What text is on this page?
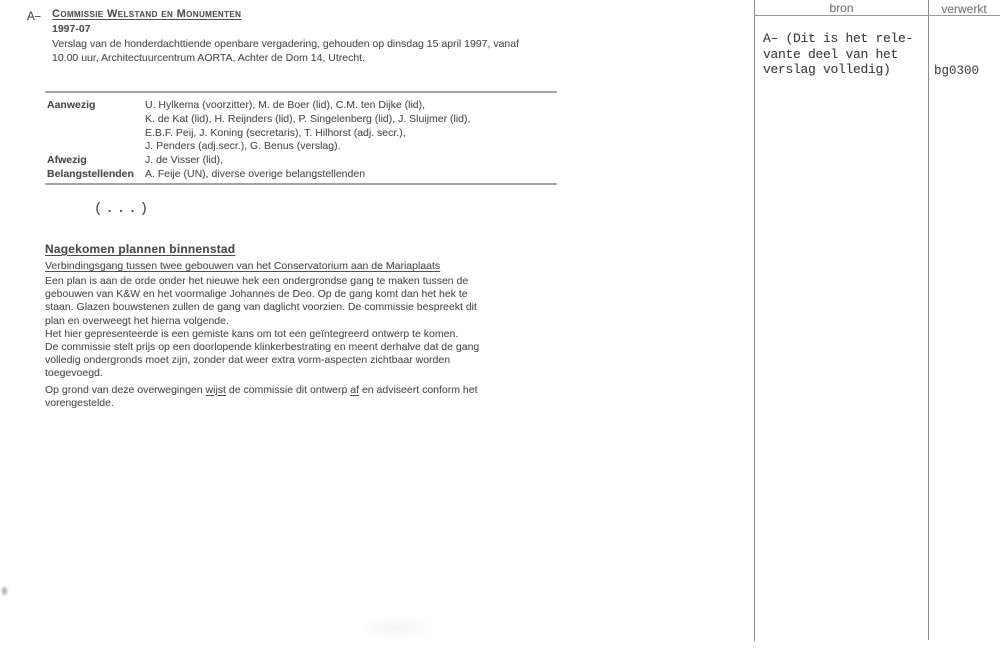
A– Commissie Welstand en Monumenten
1997-07
Verslag van de honderdachttiende openbare vergadering, gehouden op dinsdag 15 april 1997, vanaf
10.00 uur, Architectuurcentrum AORTA, Achter de Dom 14, Utrecht.
Aanwezig	U. Hylkema (voorzitter), M. de Boer (lid), C.M. ten Dijke (lid),
K. de Kat (lid), H. Reijnders (lid), P. Singelenberg (lid), J. Sluijmer (lid),
E.B.F. Peij, J. Koning (secretaris), T. Hilhorst (adj. secr.),
J. Penders (adj.secr.), G. Benus (verslag).
Afwezig	J. de Visser (lid),
Belangstellenden	A. Feije (UN), diverse overige belangstellenden
(...)
Nagekomen plannen binnenstad
Verbindingsgang tussen twee gebouwen van het Conservatorium aan de Mariaplaats
Een plan is aan de orde onder het nieuwe hek een ondergrondse gang te maken tussen de
gebouwen van K&W en het voormalige Johannes de Deo. Op de gang komt dan het hek te
staan. Glazen bouwstenen zullen de gang van daglicht voorzien. De commissie bespreekt dit
plan en overweegt het hierna volgende.
Het hier gepresenteerde is een gemiste kans om tot een geïntegreerd ontwerp te komen.
De commissie stelt prijs op een doorlopende klinkerbestrating en meent derhalve dat de gang
volledig ondergronds moet zijn, zonder dat weer extra vorm-aspecten zichtbaar worden
toegevoegd.
Op grond van deze overwegingen wijst de commissie dit ontwerp af en adviseert conform het
vorengestelde.
bron	verwerkt
A– (Dit is het rele-
vante deel van het
verslag volledig)	bg0300
